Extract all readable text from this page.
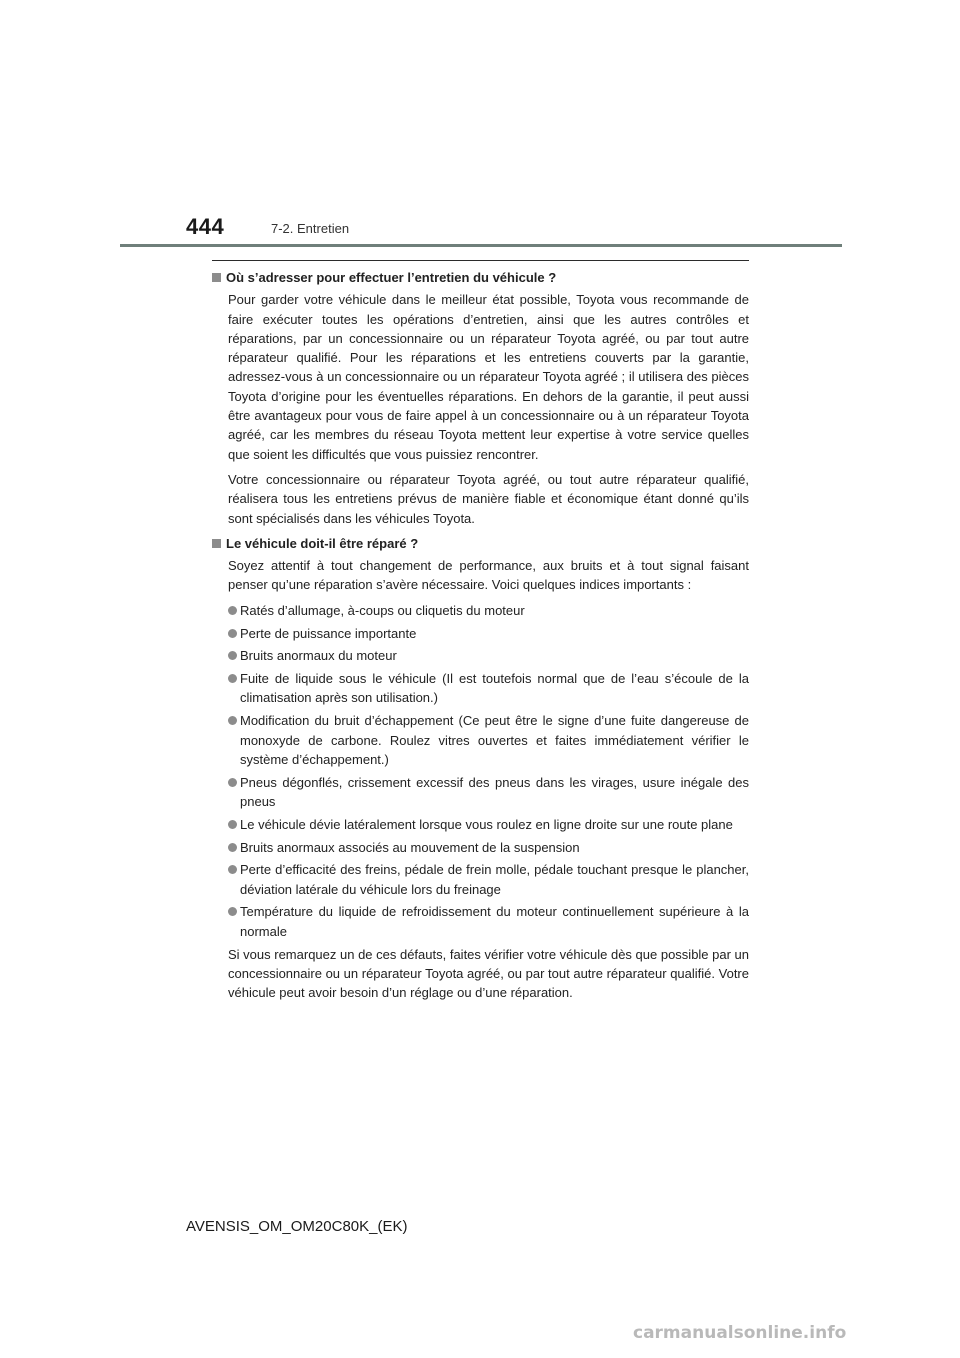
444	7-2. Entretien
Où s’adresser pour effectuer l’entretien du véhicule ?

Pour garder votre véhicule dans le meilleur état possible, Toyota vous recommande de faire exécuter toutes les opérations d’entretien, ainsi que les autres contrôles et réparations, par un concessionnaire ou un réparateur Toyota agréé, ou par tout autre réparateur qualifié. Pour les réparations et les entretiens couverts par la garantie, adressez-vous à un concessionnaire ou un réparateur Toyota agréé ; il utilisera des pièces Toyota d’origine pour les éventuelles réparations. En dehors de la garantie, il peut aussi être avantageux pour vous de faire appel à un concessionnaire ou à un réparateur Toyota agréé, car les membres du réseau Toyota mettent leur expertise à votre service quelles que soient les difficultés que vous puissiez rencontrer.

Votre concessionnaire ou réparateur Toyota agréé, ou tout autre réparateur qualifié, réalisera tous les entretiens prévus de manière fiable et économique étant donné qu’ils sont spécialisés dans les véhicules Toyota.

Le véhicule doit-il être réparé ?

Soyez attentif à tout changement de performance, aux bruits et à tout signal faisant penser qu’une réparation s’avère nécessaire. Voici quelques indices importants :

Ratés d’allumage, à-coups ou cliquetis du moteur
Perte de puissance importante
Bruits anormaux du moteur
Fuite de liquide sous le véhicule (Il est toutefois normal que de l’eau s’écoule de la climatisation après son utilisation.)
Modification du bruit d’échappement (Ce peut être le signe d’une fuite dangereuse de monoxyde de carbone. Roulez vitres ouvertes et faites immédiatement vérifier le système d’échappement.)
Pneus dégonflés, crissement excessif des pneus dans les virages, usure inégale des pneus
Le véhicule dévie latéralement lorsque vous roulez en ligne droite sur une route plane
Bruits anormaux associés au mouvement de la suspension
Perte d’efficacité des freins, pédale de frein molle, pédale touchant presque le plancher, déviation latérale du véhicule lors du freinage
Température du liquide de refroidissement du moteur continuellement supérieure à la normale

Si vous remarquez un de ces défauts, faites vérifier votre véhicule dès que possible par un concessionnaire ou un réparateur Toyota agréé, ou par tout autre réparateur qualifié. Votre véhicule peut avoir besoin d’un réglage ou d’une réparation.

AVENSIS_OM_OM20C80K_(EK)
carmanualsonline.info
